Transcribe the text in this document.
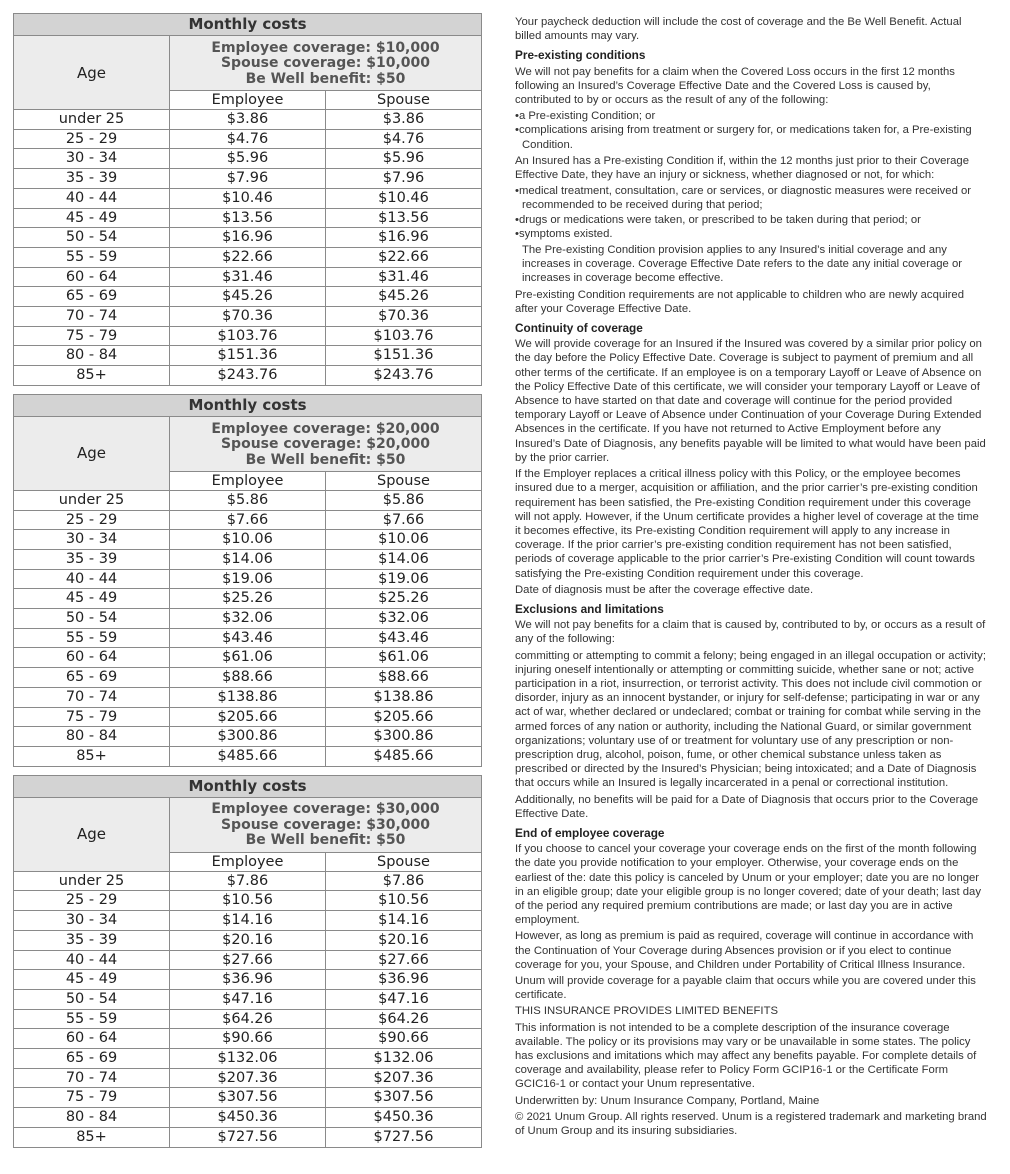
Monthly costs		
Age	Employee coverage: $10,000
Spouse coverage: $10,000
Be Well benefit: $50	

	Employee	Spouse
under 25	$3.86	$3.86
25 - 29	$4.76	$4.76
30 - 34	$5.96	$5.96
35 - 39	$7.96	$7.96
40 - 44	$10.46	$10.46
45 - 49	$13.56	$13.56
50 - 54	$16.96	$16.96
55 - 59	$22.66	$22.66
60 - 64	$31.46	$31.46
65 - 69	$45.26	$45.26
70 - 74	$70.36	$70.36
75 - 79	$103.76	$103.76
80 - 84	$151.36	$151.36
85+	$243.76	$243.76
Monthly costs		
Age	Employee coverage: $20,000
Spouse coverage: $20,000
Be Well benefit: $50	

	Employee	Spouse
under 25	$5.86	$5.86
25 - 29	$7.66	$7.66
30 - 34	$10.06	$10.06
35 - 39	$14.06	$14.06
40 - 44	$19.06	$19.06
45 - 49	$25.26	$25.26
50 - 54	$32.06	$32.06
55 - 59	$43.46	$43.46
60 - 64	$61.06	$61.06
65 - 69	$88.66	$88.66
70 - 74	$138.86	$138.86
75 - 79	$205.66	$205.66
80 - 84	$300.86	$300.86
85+	$485.66	$485.66
Monthly costs		
Age	Employee coverage: $30,000
Spouse coverage: $30,000
Be Well benefit: $50	

	Employee	Spouse
under 25	$7.86	$7.86
25 - 29	$10.56	$10.56
30 - 34	$14.16	$14.16
35 - 39	$20.16	$20.16
40 - 44	$27.66	$27.66
45 - 49	$36.96	$36.96
50 - 54	$47.16	$47.16
55 - 59	$64.26	$64.26
60 - 64	$90.66	$90.66
65 - 69	$132.06	$132.06
70 - 74	$207.36	$207.36
75 - 79	$307.56	$307.56
80 - 84	$450.36	$450.36
85+	$727.56	$727.56

Your paycheck deduction will include the cost of coverage and the Be Well Benefit. Actual billed amounts may vary.

Pre-existing conditions

We will not pay benefits for a claim when the Covered Loss occurs in the first 12 months following an Insured’s Coverage Effective Date and the Covered Loss is caused by, contributed to by or occurs as the result of any of the following:

• a Pre-existing Condition; or
• complications arising from treatment or surgery for, or medications taken for, a Pre-existing Condition.

An Insured has a Pre-existing Condition if, within the 12 months just prior to their Coverage Effective Date, they have an injury or sickness, whether diagnosed or not, for which:

• medical treatment, consultation, care or services, or diagnostic measures were received or recommended to be received during that period;
• drugs or medications were taken, or prescribed to be taken during that period; or
• symptoms existed.

The Pre-existing Condition provision applies to any Insured’s initial coverage and any increases in coverage. Coverage Effective Date refers to the date any initial coverage or increases in coverage become effective.

Pre-existing Condition requirements are not applicable to children who are newly acquired after your Coverage Effective Date.

Continuity of coverage

We will provide coverage for an Insured if the Insured was covered by a similar prior policy on the day before the Policy Effective Date. Coverage is subject to payment of premium and all other terms of the certificate. If an employee is on a temporary Layoff or Leave of Absence on the Policy Effective Date of this certificate, we will consider your temporary Layoff or Leave of Absence to have started on that date and coverage will continue for the period provided temporary Layoff or Leave of Absence under Continuation of your Coverage During Extended Absences in the certificate. If you have not returned to Active Employment before any Insured’s Date of Diagnosis, any benefits payable will be limited to what would have been paid by the prior carrier.

If the Employer replaces a critical illness policy with this Policy, or the employee becomes insured due to a merger, acquisition or affiliation, and the prior carrier’s pre-existing condition requirement has been satisfied, the Pre-existing Condition requirement under this coverage will not apply. However, if the Unum certificate provides a higher level of coverage at the time it becomes effective, its Pre-existing Condition requirement will apply to any increase in coverage. If the prior carrier’s pre-existing condition requirement has not been satisfied, periods of coverage applicable to the prior carrier’s Pre-existing Condition will count towards satisfying the Pre-existing Condition requirement under this coverage.

Date of diagnosis must be after the coverage effective date.

Exclusions and limitations

We will not pay benefits for a claim that is caused by, contributed to by, or occurs as a result of any of the following:

committing or attempting to commit a felony; being engaged in an illegal occupation or activity; injuring oneself intentionally or attempting or committing suicide, whether sane or not; active participation in a riot, insurrection, or terrorist activity. This does not include civil commotion or disorder, injury as an innocent bystander, or injury for self-defense; participating in war or any act of war, whether declared or undeclared; combat or training for combat while serving in the armed forces of any nation or authority, including the National Guard, or similar government organizations; voluntary use of or treatment for voluntary use of any prescription or non-prescription drug, alcohol, poison, fume, or other chemical substance unless taken as prescribed or directed by the Insured’s Physician; being intoxicated; and a Date of Diagnosis that occurs while an Insured is legally incarcerated in a penal or correctional institution.

Additionally, no benefits will be paid for a Date of Diagnosis that occurs prior to the Coverage Effective Date.

End of employee coverage

If you choose to cancel your coverage your coverage ends on the first of the month following the date you provide notification to your employer. Otherwise, your coverage ends on the earliest of the: date this policy is canceled by Unum or your employer; date you are no longer in an eligible group; date your eligible group is no longer covered; date of your death; last day of the period any required premium contributions are made; or last day you are in active employment.

However, as long as premium is paid as required, coverage will continue in accordance with the Continuation of Your Coverage during Absences provision or if you elect to continue coverage for you, your Spouse, and Children under Portability of Critical Illness Insurance.

Unum will provide coverage for a payable claim that occurs while you are covered under this certificate.

THIS INSURANCE PROVIDES LIMITED BENEFITS

This information is not intended to be a complete description of the insurance coverage available. The policy or its provisions may vary or be unavailable in some states. The policy has exclusions and imitations which may affect any benefits payable. For complete details of coverage and availability, please refer to Policy Form GCIP16-1 or the Certificate Form GCIC16-1 or contact your Unum representative.

Underwritten by: Unum Insurance Company, Portland, Maine

© 2021 Unum Group. All rights reserved. Unum is a registered trademark and marketing brand of Unum Group and its insuring subsidiaries.
